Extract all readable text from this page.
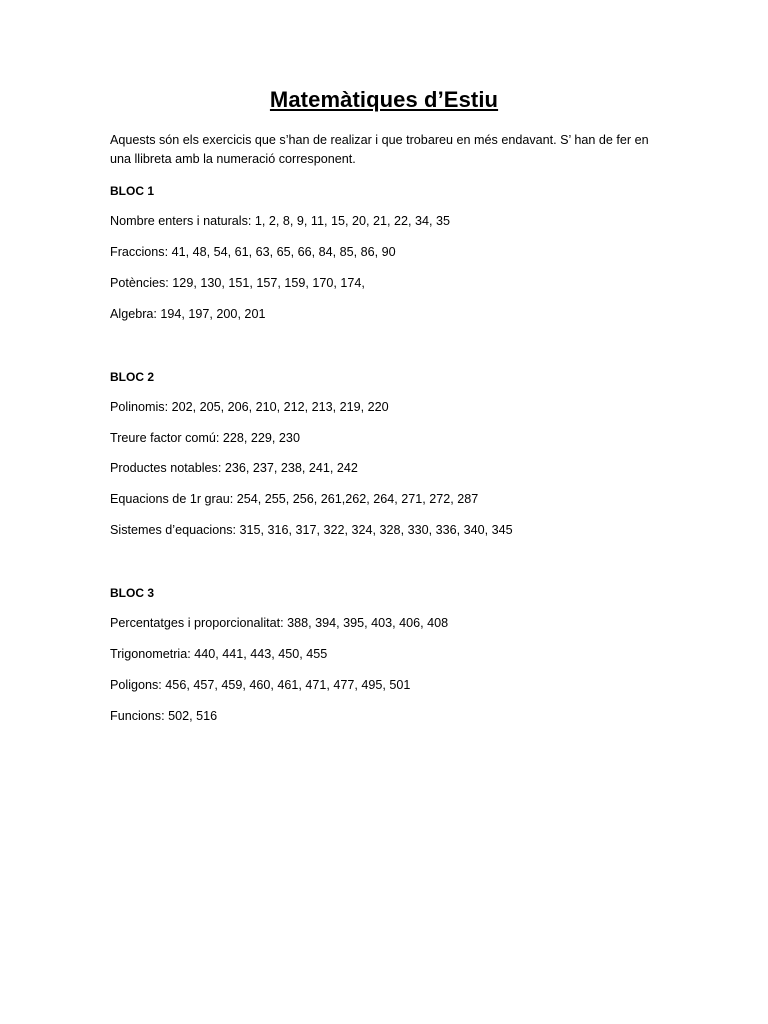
Matemàtiques d’Estiu
Aquests són els exercicis que s’han de realizar i que trobareu en més endavant. S’ han de fer en una llibreta amb la numeració corresponent.
BLOC 1
Nombre enters i naturals: 1, 2, 8, 9, 11, 15, 20, 21, 22, 34, 35
Fraccions: 41, 48, 54, 61, 63, 65, 66, 84, 85, 86, 90
Potències: 129, 130, 151, 157, 159, 170, 174,
Algebra: 194, 197, 200, 201
BLOC 2
Polinomis: 202, 205, 206, 210, 212, 213, 219, 220
Treure factor comú: 228, 229, 230
Productes notables: 236, 237, 238, 241, 242
Equacions de 1r grau: 254, 255, 256, 261,262, 264, 271, 272, 287
Sistemes d’equacions: 315, 316, 317, 322, 324, 328, 330, 336, 340, 345
BLOC 3
Percentatges i proporcionalitat: 388, 394, 395, 403, 406, 408
Trigonometria: 440, 441, 443, 450, 455
Poligons: 456, 457, 459, 460, 461, 471, 477, 495, 501
Funcions: 502, 516
